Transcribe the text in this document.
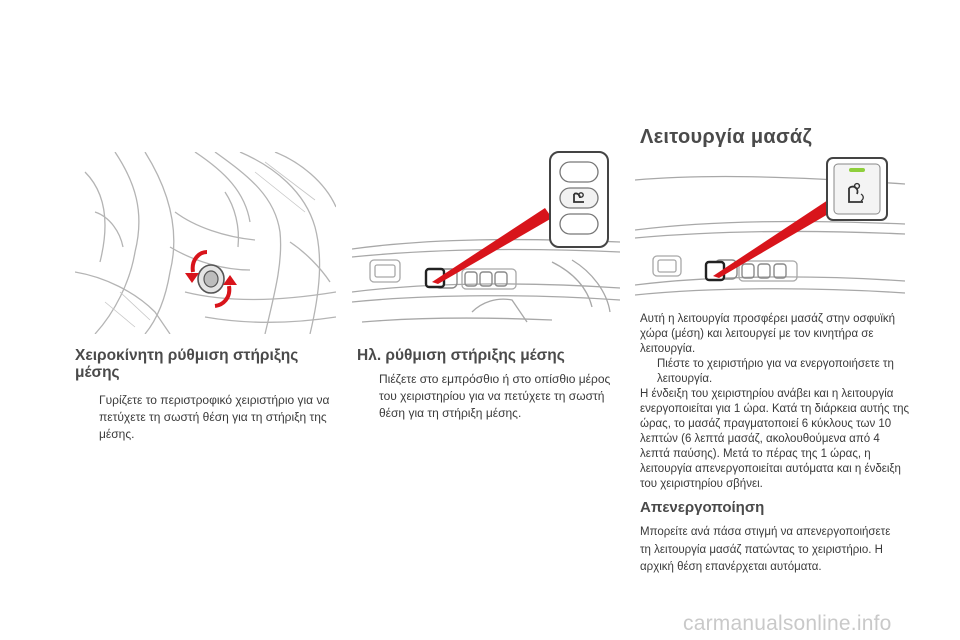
Χειροκίνητη ρύθμιση στήριξης μέσης
Γυρίζετε το περιστροφικό χειριστήριο για να πετύχετε τη σωστή θέση για τη στήριξη της μέσης.
Ηλ. ρύθμιση στήριξης μέσης
Πιέζετε στο εμπρόσθιο ή στο οπίσθιο μέρος του χειριστηρίου για να πετύχετε τη σωστή θέση για τη στήριξη μέσης.
Λειτουργία μασάζ
Αυτή η λειτουργία προσφέρει μασάζ στην οσφυϊκή χώρα (μέση) και λειτουργεί με τον κινητήρα σε λειτουργία.
Πιέστε το χειριστήριο για να ενεργοποιήσετε τη λειτουργία.
Η ένδειξη του χειριστηρίου ανάβει και η λειτουργία ενεργοποιείται για 1 ώρα. Κατά τη διάρκεια αυτής της ώρας, το μασάζ πραγματοποιεί 6 κύκλους των 10 λεπτών (6 λεπτά μασάζ, ακολουθούμενα από 4 λεπτά παύσης). Μετά το πέρας της 1 ώρας, η λειτουργία απενεργοποιείται αυτόματα και η ένδειξη του χειριστηρίου σβήνει.
Απενεργοποίηση
Μπορείτε ανά πάσα στιγμή να απενεργοποιήσετε τη λειτουργία μασάζ πατώντας το χειριστήριο. Η αρχική θέση επανέρχεται αυτόματα.
carmanualsonline.info
